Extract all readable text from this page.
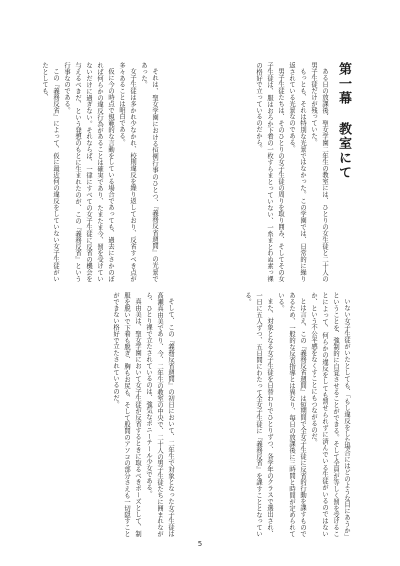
第一幕 教室にて

ある日の放課後、聖女学園二年生の教室には、ひとりの女生徒と二十人の男子生徒だけが残っていた。

もっとも、それは特別な光景ではなかった。この学園では、日常的に繰り返されている光景なのである。

男子生徒たちは、そのひとりの女子生徒の周りを取り囲み、そしてその女子生徒は、服はおろか下着の一枚すらまとっていない、一糸まとわぬ素っ裸の格好で立っているのだから。

それは、聖女学園における恒例行事のひとつ、『義務反省週間』の光景であった。

女子生徒は多かれ少なかれ、校則違反を繰り返しており、反省すべき点が多々あることは明白である。

仮に今の時点で規範的な言動をしている場合であっても、過去にさかのぼれば何らかの違反行為があることは確実であり、たまたま今、罰を受けていないだけに過ぎない。それならば、一律にすべての女子生徒に反省の機会を与えるべきだ、という発想のもとに生まれたのが、この『義務反省』という行事なのである。

この『義務反省』によって、仮に最近何の違反をしていない女子生徒がいたとしても、

いない女子生徒がいたとしても、「もし違反をした場合にはどのような目にあうか」ということを、強制的に自覚させることができる。そして全員が等しく罰を受けることによって、何らかの違反をしても罰せられずに済んでいる生徒がいるのではないか、という不公平感をなくすことにもつながるのだ。

とは言え、この『義務反省週間』は短期間で全女子生徒に反省的行動を課すものであるため、一般的な反省指導とは異なり、毎日の放課後に三時間と時間が定められている。

また、対象となる女子生徒を日替わりでひとりずつ、各学年のクラスで選出され、一日に五人ずつ、五日間にわたって全女子生徒に『義務反省』を課すこととなっている。

そして、この『義務反省週間』の初日において、二年生で対象となった女子生徒は高瀬真由美であり、今、二年生の教室の中央で、二十人の男子生徒たちに囲まれながら、ひとり裸で立たされているのは、強気なポニーテール少女である。

真由美は、聖女学園において女子生徒が反省するときに取るべきポーズとして、制服を脱いで下着も脱ぎ、胸もお尻も、そして股間のアソコの部分さえも一切隠すことができない格好で立たされているのだ。

5
